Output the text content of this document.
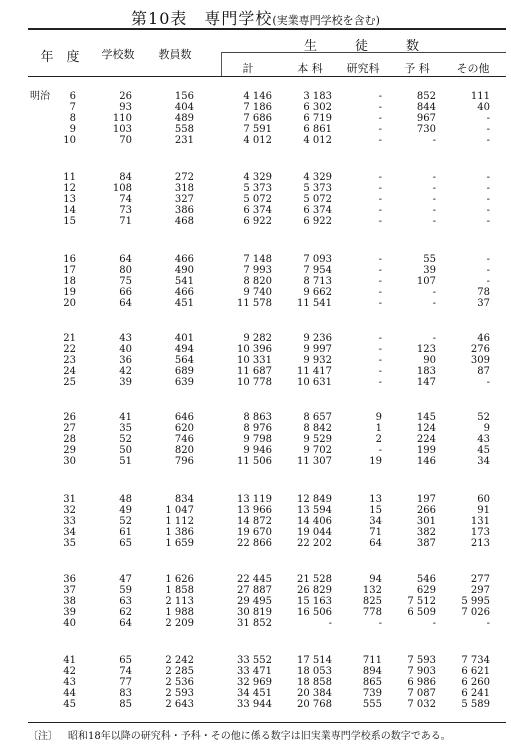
第10表　専門学校(実業専門学校を含む)
年　度	学校数	教員数
生　　徒　　数
計	本 科	研究科	予 科	その他
明治	6	26	156	4 146	3 183	-	852	111
7	93	404	7 186	6 302	-	844	40
8	110	489	7 686	6 719	-	967	-
9	103	558	7 591	6 861	-	730	-
10	70	231	4 012	4 012	-	-	-
11	84	272	4 329	4 329	-	-	-
12	108	318	5 373	5 373	-	-	-
13	74	327	5 072	5 072	-	-	-
14	73	386	6 374	6 374	-	-	-
15	71	468	6 922	6 922	-	-	-
16	64	466	7 148	7 093	-	55	-
17	80	490	7 993	7 954	-	39	-
18	75	541	8 820	8 713	-	107	-
19	66	466	9 740	9 662	-	-	78
20	64	451	11 578	11 541	-	-	37
21	43	401	9 282	9 236	-	-	46
22	40	494	10 396	9 997	-	123	276
23	36	564	10 331	9 932	-	90	309
24	42	689	11 687	11 417	-	183	87
25	39	639	10 778	10 631	-	147	-
26	41	646	8 863	8 657	9	145	52
27	35	620	8 976	8 842	1	124	9
28	52	746	9 798	9 529	2	224	43
29	50	820	9 946	9 702	-	199	45
30	51	796	11 506	11 307	19	146	34
31	48	834	13 119	12 849	13	197	60
32	49	1 047	13 966	13 594	15	266	91
33	52	1 112	14 872	14 406	34	301	131
34	61	1 386	19 670	19 044	71	382	173
35	65	1 659	22 866	22 202	64	387	213
36	47	1 626	22 445	21 528	94	546	277
37	59	1 858	27 887	26 829	132	629	297
38	63	2 113	29 495	15 163	825	7 512	5 995
39	62	1 988	30 819	16 506	778	6 509	7 026
40	64	2 209	31 852	-	-	-	-
41	65	2 242	33 552	17 514	711	7 593	7 734
42	74	2 285	33 471	18 053	894	7 903	6 621
43	77	2 536	32 969	18 858	865	6 986	6 260
44	83	2 593	34 451	20 384	739	7 087	6 241
45	85	2 643	33 944	20 768	555	7 032	5 589
〔注〕 昭和18年以降の研究科・予科・その他に係る数字は旧実業専門学校系の数字である。
